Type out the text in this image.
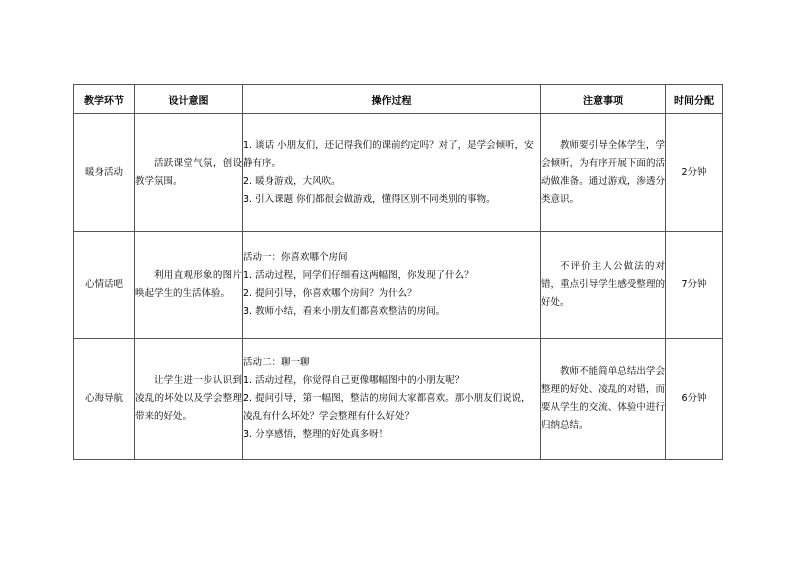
教学环节	设计意图	操作过程	注意事项	时间分配
暖身活动	活跃课堂气氛，创设教学氛围。	1. 谈话 小朋友们，还记得我们的课前约定吗？对了，是学会倾听，安静有序。
2. 暖身游戏，大风吹。
3. 引入课题 你们都很会做游戏，懂得区别不同类别的事物。	教师要引导全体学生，学会倾听，为有序开展下面的活动做准备。通过游戏，渗透分类意识。	2分钟
心情话吧	利用直观形象的图片唤起学生的生活体验。	活动一：你喜欢哪个房间
1. 活动过程，同学们仔细看这两幅图，你发现了什么？
2. 提问引导，你喜欢哪个房间？为什么？
3. 教师小结，看来小朋友们都喜欢整洁的房间。	不评价主人公做法的对错，重点引导学生感受整理的好处。	7分钟
心海导航	让学生进一步认识到凌乱的坏处以及学会整理带来的好处。	活动二：聊一聊
1. 活动过程，你觉得自己更像哪幅图中的小朋友呢？
2. 提问引导，第一幅图，整洁的房间大家都喜欢。那小朋友们说说，凌乱有什么坏处？学会整理有什么好处？
3. 分享感悟，整理的好处真多呀！	教师不能简单总结出学会整理的好处、凌乱的对错，而要从学生的交流、体验中进行归纳总结。	6分钟
